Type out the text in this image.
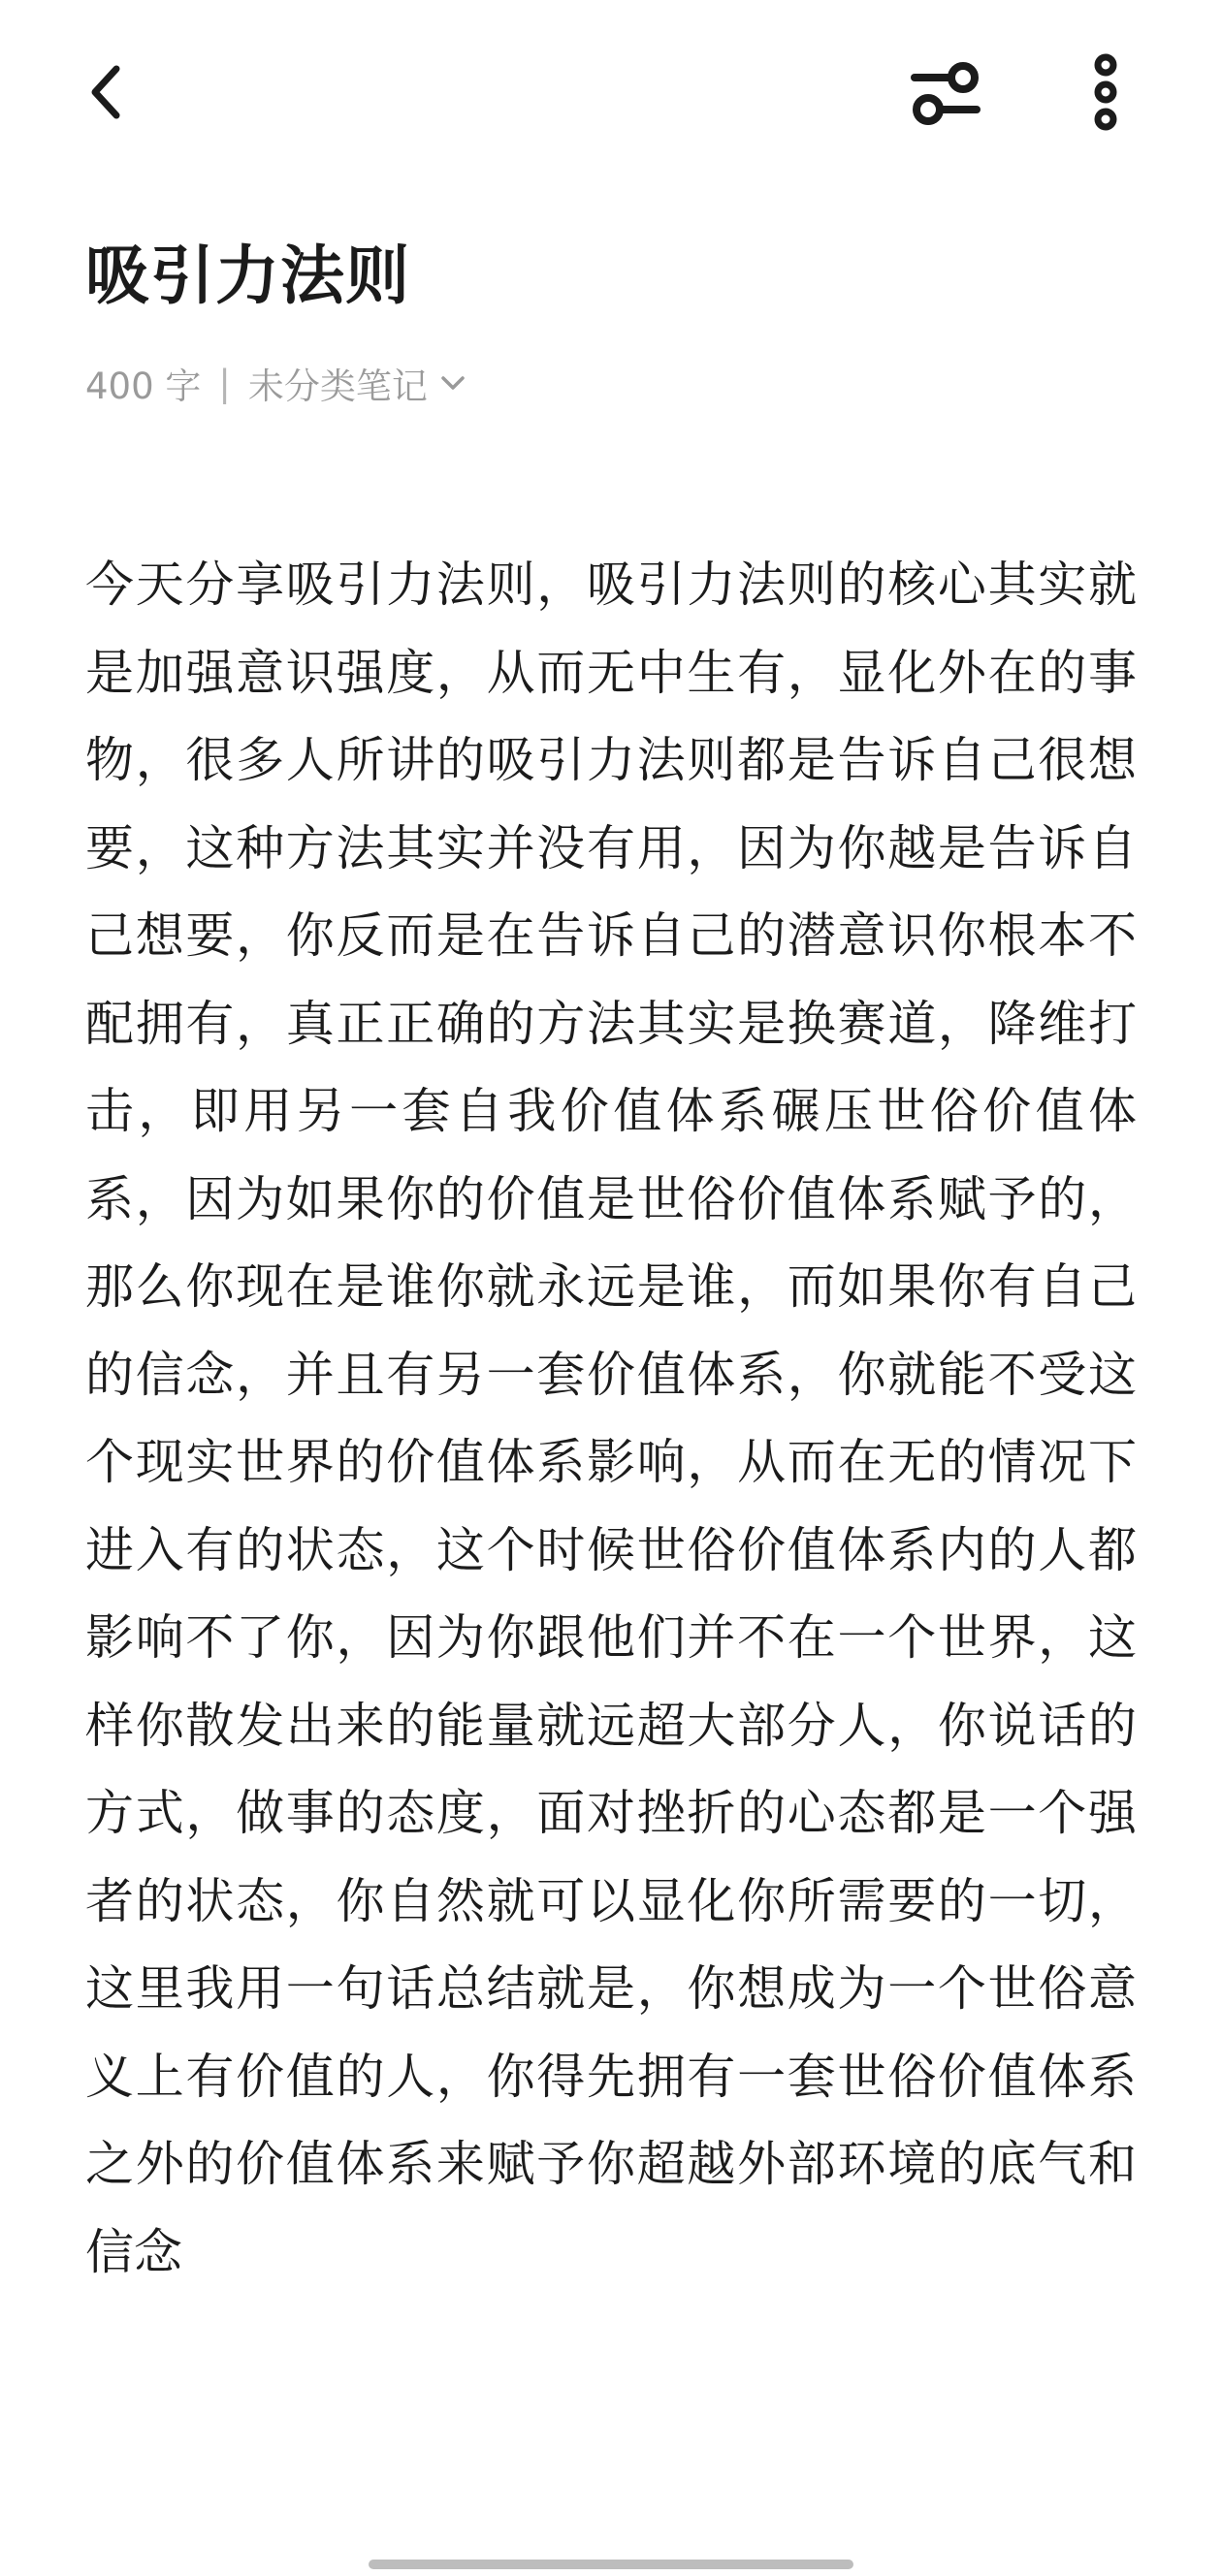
吸引力法则
400 字 | 未分类笔记
今天分享吸引力法则，吸引力法则的核心其实就是加强意识强度，从而无中生有，显化外在的事物，很多人所讲的吸引力法则都是告诉自己很想要，这种方法其实并没有用，因为你越是告诉自己想要，你反而是在告诉自己的潜意识你根本不配拥有，真正正确的方法其实是换赛道，降维打击，即用另一套自我价值体系碾压世俗价值体系，因为如果你的价值是世俗价值体系赋予的，那么你现在是谁你就永远是谁，而如果你有自己的信念，并且有另一套价值体系，你就能不受这个现实世界的价值体系影响，从而在无的情况下进入有的状态，这个时候世俗价值体系内的人都影响不了你，因为你跟他们并不在一个世界，这样你散发出来的能量就远超大部分人，你说话的方式，做事的态度，面对挫折的心态都是一个强者的状态，你自然就可以显化你所需要的一切，这里我用一句话总结就是，你想成为一个世俗意义上有价值的人，你得先拥有一套世俗价值体系之外的价值体系来赋予你超越外部环境的底气和信念
